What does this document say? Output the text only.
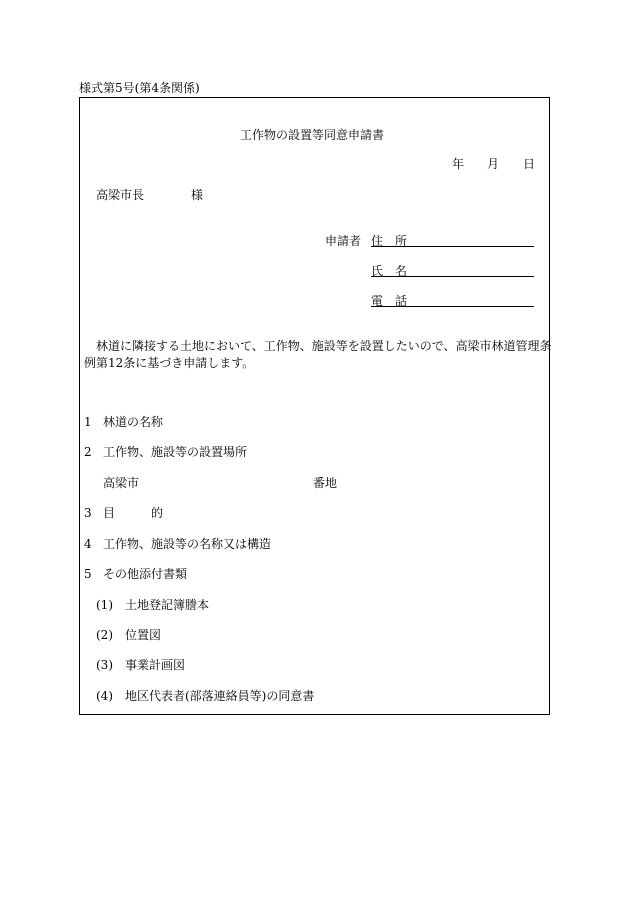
様式第5号(第4条関係)
工作物の設置等同意申請書
年 月 日
高梁市長	様
申請者 住　所
氏　名
電　話
林道に隣接する土地において、工作物、施設等を設置したいので、高梁市林道管理条
例第12条に基づき申請します。
1 林道の名称
2 工作物、施設等の設置場所
高梁市	番地
3 目　　　的
4 工作物、施設等の名称又は構造
5 その他添付書類
(1) 土地登記簿謄本
(2) 位置図
(3) 事業計画図
(4) 地区代表者(部落連絡員等)の同意書
